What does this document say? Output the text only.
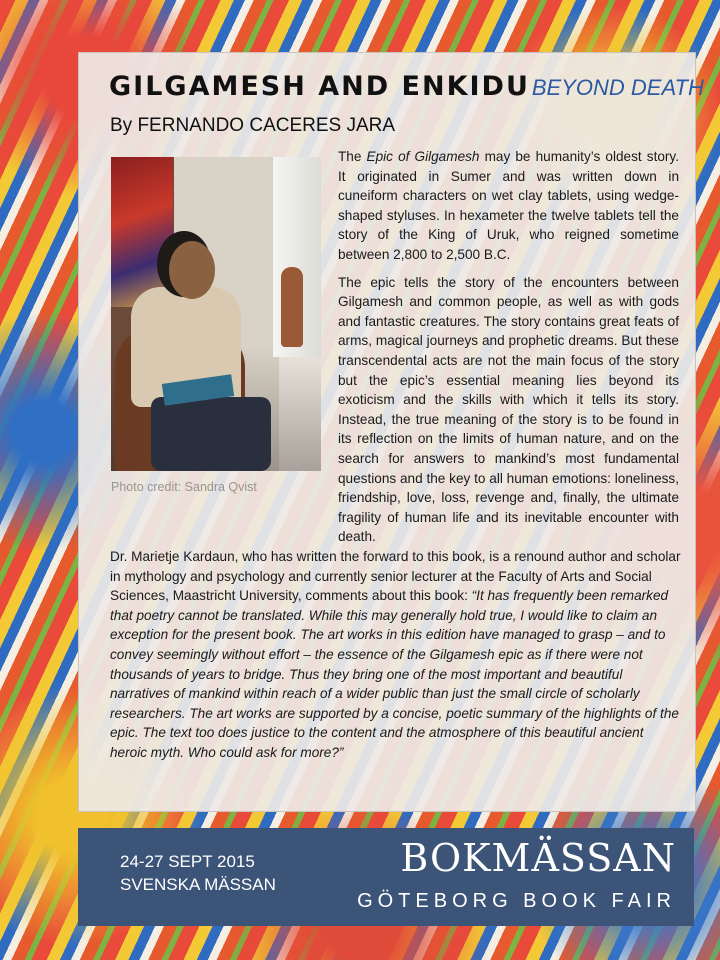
GILGAMESH AND ENKIDUBEYOND DEATH
By FERNANDO CACERES JARA
Photo credit: Sandra Qvist

The Epic of Gilgamesh may be humanity’s oldest story. It originated in Sumer and was written down in cuneiform characters on wet clay tablets, using wedge-shaped styluses. In hexameter the twelve tablets tell the story of the King of Uruk, who reigned sometime between 2,800 to 2,500 B.C.

The epic tells the story of the encounters between Gilgamesh and common people, as well as with gods and fantastic creatures. The story contains great feats of arms, magical journeys and prophetic dreams. But these transcendental acts are not the main focus of the story but the epic’s essential meaning lies beyond its exoticism and the skills with which it tells its story. Instead, the true meaning of the story is to be found in its reflection on the limits of human nature, and on the search for answers to mankind’s most fundamental questions and the key to all human emotions: loneliness, friendship, love, loss, revenge and, finally, the ultimate fragility of human life and its inevitable encounter with death.

Dr. Marietje Kardaun, who has written the forward to this book, is a renound author and scholar in mythology and psychology and currently senior lecturer at the Faculty of Arts and Social Sciences, Maastricht University, comments about this book: “It has frequently been remarked that poetry cannot be translated. While this may generally hold true, I would like to claim an exception for the present book. The art works in this edition have managed to grasp – and to convey seemingly without effort – the essence of the Gilgamesh epic as if there were not thousands of years to bridge. Thus they bring one of the most important and beautiful narratives of mankind within reach of a wider public than just the small circle of scholarly researchers. The art works are supported by a concise, poetic summary of the highlights of the epic. The text too does justice to the content and the atmosphere of this beautiful ancient heroic myth. Who could ask for more?”

24-27 SEPT 2015
SVENSKA MÄSSAN
BOKMÄSSAN
GÖTEBORG BOOK FAIR
